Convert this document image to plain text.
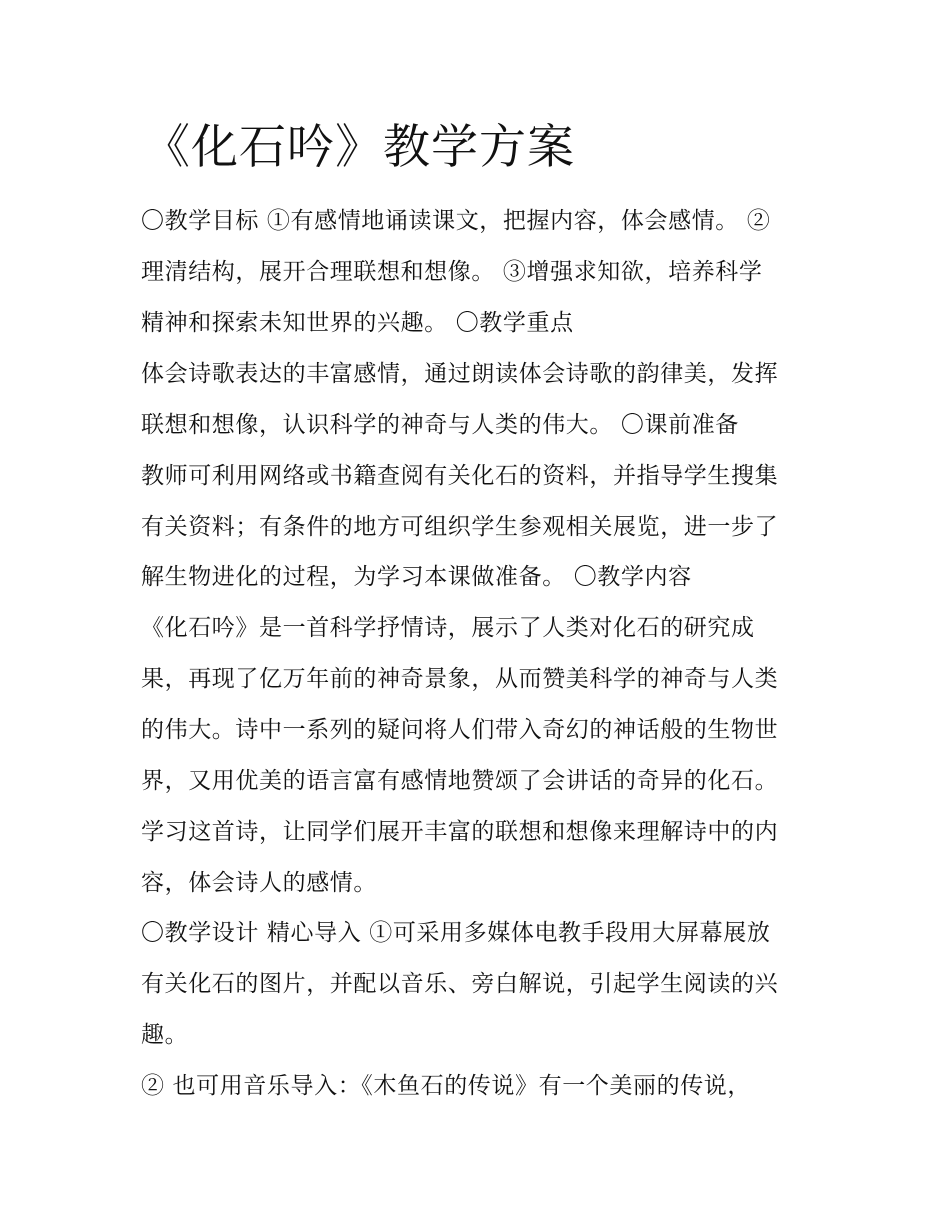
《化石吟》教学方案
〇教学目标 ①有感情地诵读课文，把握内容，体会感情。 ②
理清结构，展开合理联想和想像。 ③增强求知欲，培养科学
精神和探索未知世界的兴趣。 〇教学重点
体会诗歌表达的丰富感情，通过朗读体会诗歌的韵律美，发挥
联想和想像，认识科学的神奇与人类的伟大。 〇课前准备
教师可利用网络或书籍查阅有关化石的资料，并指导学生搜集
有关资料；有条件的地方可组织学生参观相关展览，进一步了
解生物进化的过程，为学习本课做准备。 〇教学内容
《化石吟》是一首科学抒情诗，展示了人类对化石的研究成
果，再现了亿万年前的神奇景象，从而赞美科学的神奇与人类
的伟大。诗中一系列的疑问将人们带入奇幻的神话般的生物世
界，又用优美的语言富有感情地赞颂了会讲话的奇异的化石。
学习这首诗，让同学们展开丰富的联想和想像来理解诗中的内
容，体会诗人的感情。
〇教学设计 精心导入 ①可采用多媒体电教手段用大屏幕展放
有关化石的图片，并配以音乐、旁白解说，引起学生阅读的兴
趣。
② 也可用音乐导入：《木鱼石的传说》有一个美丽的传说，
